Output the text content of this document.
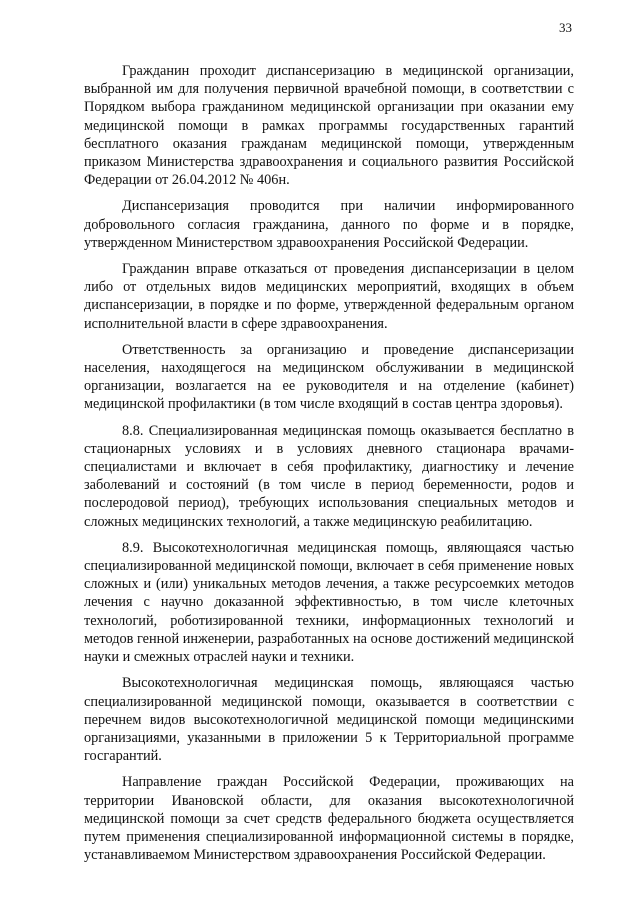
33

Гражданин проходит диспансеризацию в медицинской организации, выбранной им для получения первичной врачебной помощи, в соответствии с Порядком выбора гражданином медицинской организации при оказании ему медицинской помощи в рамках программы государственных гарантий бесплатного оказания гражданам медицинской помощи, утвержденным приказом Министерства здравоохранения и социального развития Российской Федерации от 26.04.2012 № 406н.

Диспансеризация проводится при наличии информированного добровольного согласия гражданина, данного по форме и в порядке, утвержденном Министерством здравоохранения Российской Федерации.

Гражданин вправе отказаться от проведения диспансеризации в целом либо от отдельных видов медицинских мероприятий, входящих в объем диспансеризации, в порядке и по форме, утвержденной федеральным органом исполнительной власти в сфере здравоохранения.

Ответственность за организацию и проведение диспансеризации населения, находящегося на медицинском обслуживании в медицинской организации, возлагается на ее руководителя и на отделение (кабинет) медицинской профилактики (в том числе входящий в состав центра здоровья).

8.8. Специализированная медицинская помощь оказывается бесплатно в стационарных условиях и в условиях дневного стационара врачами-специалистами и включает в себя профилактику, диагностику и лечение заболеваний и состояний (в том числе в период беременности, родов и послеродовой период), требующих использования специальных методов и сложных медицинских технологий, а также медицинскую реабилитацию.

8.9. Высокотехнологичная медицинская помощь, являющаяся частью специализированной медицинской помощи, включает в себя применение новых сложных и (или) уникальных методов лечения, а также ресурсоемких методов лечения с научно доказанной эффективностью, в том числе клеточных технологий, роботизированной техники, информационных технологий и методов генной инженерии, разработанных на основе достижений медицинской науки и смежных отраслей науки и техники.

Высокотехнологичная медицинская помощь, являющаяся частью специализированной медицинской помощи, оказывается в соответствии с перечнем видов высокотехнологичной медицинской помощи медицинскими организациями, указанными в приложении 5 к Территориальной программе госгарантий.

Направление граждан Российской Федерации, проживающих на территории Ивановской области, для оказания высокотехнологичной медицинской помощи за счет средств федерального бюджета осуществляется путем применения специализированной информационной системы в порядке, устанавливаемом Министерством здравоохранения Российской Федерации.
